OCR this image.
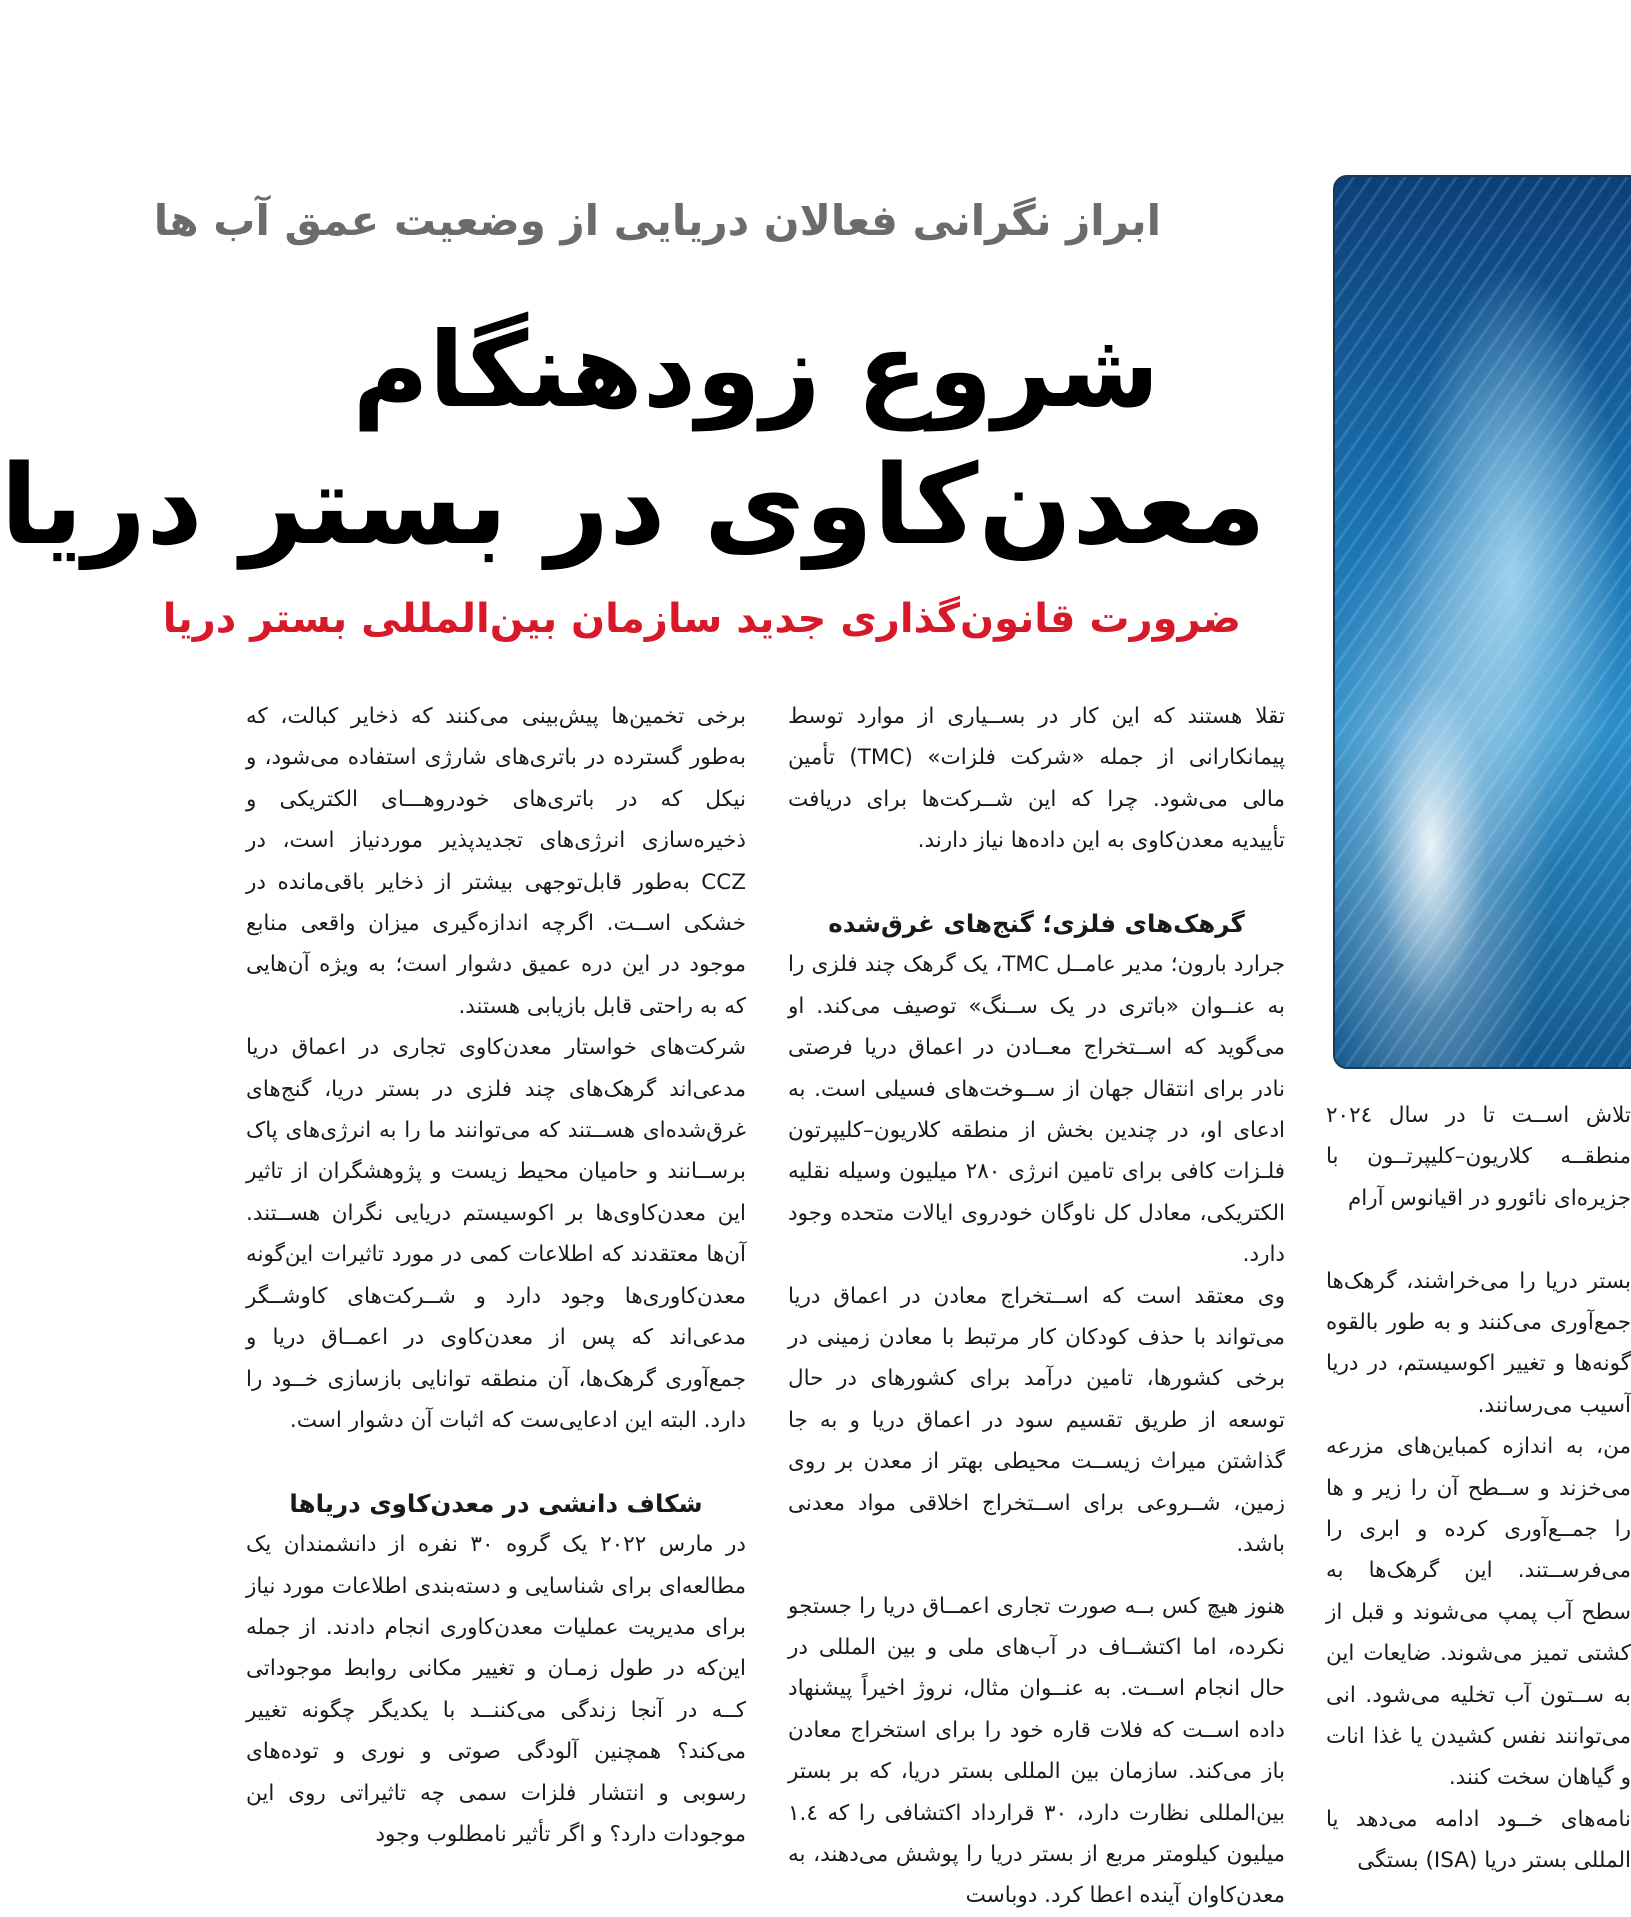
ابراز نگرانی فعالان دریایی از وضعیت عمق آب ها
شروع زودهنگام
معدن‌کاوی در بستر دریا
ضرورت قانون‌گذاری جدید سازمان بین‌المللی بستر دریا

برخی تخمین‌ها پیش‌بینی می‌کنند که ذخایر کبالت، که به‌طور گسترده در باتری‌های شارژی استفاده می‌شود، و نیکل که در باتری‌های خودروهـــای الکتریکی و ذخیره‌سازی انرژی‌های تجدیدپذیر موردنیاز است، در CCZ به‌طور قابل‌توجهی بیشتر از ذخایر باقی‌مانده در خشکی اســت. اگرچه اندازه‌گیری میزان واقعی منابع موجود در این دره عمیق دشوار است؛ به ویژه آن‌هایی که به راحتی قابل بازیابی هستند.

شرکت‌های خواستار معدن‌کاوی تجاری در اعماق دریا مدعی‌اند گرهک‌های چند فلزی در بستر دریا، گنج‌های غرق‌شده‌ای هســتند که می‌توانند ما را به انرژی‌های پاک برســانند و حامیان محیط زیست و پژوهشگران از تاثیر این معدن‌کاوی‌ها بر اکوسیستم دریایی نگران هســتند. آن‌ها معتقدند که اطلاعات کمی در مورد تاثیرات این‌گونه معدن‌کاوری‌ها وجود دارد و شــرکت‌های کاوشــگر مدعی‌اند که پس از معدن‌کاوی در اعمــاق دریا و جمع‌آوری گرهک‌ها، آن منطقه توانایی بازسازی خــود را دارد. البته این ادعایی‌ست که اثبات آن دشوار است.

شکاف دانشی در معدن‌کاوی دریاها

در مارس ۲۰۲۲ یک گروه ۳۰ نفره از دانشمندان یک مطالعه‌ای برای شناسایی و دسته‌بندی اطلاعات مورد نیاز برای مدیریت عملیات معدن‌کاوری انجام دادند. از جمله این‌که در طول زمـان و تغییر مکانی روابط موجوداتی کــه در آنجا زندگی می‌کننــد با یکدیگر چگونه تغییر می‌کند؟ همچنین آلودگی صوتی و نوری و توده‌های رسوبی و انتشار فلزات سمی چه تاثیراتی روی این موجودات دارد؟ و اگر تأثیر نامطلوب وجود

تقلا هستند که این کار در بســیاری از موارد توسط پیمانکارانی از جمله «شرکت فلزات» (TMC) تأمین مالی می‌شود. چرا که این شــرکت‌ها برای دریافت تأییدیه معدن‌کاوی به این داده‌ها نیاز دارند.

گرهک‌های فلزی؛ گنج‌های غرق‌شده

جرارد بارون؛ مدیر عامــل TMC، یک گرهک چند فلزی را به عنــوان «باتری در یک ســنگ» توصیف می‌کند. او می‌گوید که اســتخراج معــادن در اعماق دریا فرصتی نادر برای انتقال جهان از ســوخت‌های فسیلی است. به ادعای او، در چندین بخش از منطقه کلاریون–کلیپرتون فلـزات کافی برای تامین انرژی ۲۸۰ میلیون وسیله نقلیه الکتریکی، معادل کل ناوگان خودروی ایالات متحده وجود دارد.

وی معتقد است که اســتخراج معادن در اعماق دریا می‌تواند با حذف کودکان کار مرتبط با معادن زمینی در برخی کشورها، تامین درآمد برای کشورهای در حال توسعه از طریق تقسیم سود در اعماق دریا و به جا گذاشتن میراث زیســت محیطی بهتر از معدن بر روی زمین، شــروعی برای اســتخراج اخلاقی مواد معدنی باشد.

هنوز هیچ کس بــه صورت تجاری اعمــاق دریا را جستجو نکرده، اما اکتشــاف در آب‌های ملی و بین المللی در حال انجام اســت. به عنــوان مثال، نروژ اخیراً پیشنهاد داده اســت که فلات قاره خود را برای استخراج معادن باز می‌کند. سازمان بین المللی بستر دریا، که بر بستر بین‌المللی نظارت دارد، ۳۰ قرارداد اکتشافی را که ۱.٤ میلیون کیلومتر مربع از بستر دریا را پوشش می‌دهند، به معدن‌کاوان آینده اعطا کرد. دوباست

تلاش اســت تا در سال ۲۰۲٤ منطقــه کلاریون–کلیپرتــون با جزیره‌ای نائورو در اقیانوس آرام

بستر دریا را می‌خراشند، گرهک‌ها جمع‌آوری می‌کنند و به طور بالقوه گونه‌ها و تغییر اکوسیستم، در دریا آسیب می‌رسانند.

من، به اندازه کمباین‌های مزرعه می‌خزند و ســطح آن را زیر و ها را جمــع‌آوری کرده و ابری را می‌فرســتند. این گرهک‌ها به سطح آب پمپ می‌شوند و قبل از کشتی تمیز می‌شوند. ضایعات این به ســتون آب تخلیه می‌شود. انی می‌توانند نفس کشیدن یا غذا انات و گیاهان سخت کنند.

نامه‌های خــود ادامه می‌دهد یا المللی بستر دریا (ISA) بستگی
